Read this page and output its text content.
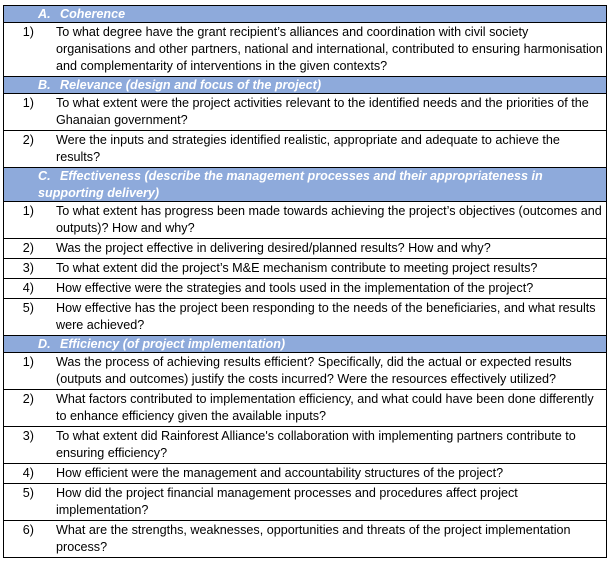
A. Coherence

1)	To what degree have the grant recipient’s alliances and coordination with civil society organisations and other partners, national and international, contributed to ensuring harmonisation and complementarity of interventions in the given contexts?

B. Relevance (design and focus of the project)

1)	To what extent were the project activities relevant to the identified needs and the priorities of the Ghanaian government?

2)	Were the inputs and strategies identified realistic, appropriate and adequate to achieve the results?

C. Effectiveness (describe the management processes and their appropriateness in supporting delivery)

1)	To what extent has progress been made towards achieving the project’s objectives (outcomes and outputs)? How and why?

2)	Was the project effective in delivering desired/planned results? How and why?

3)	To what extent did the project’s M&E mechanism contribute to meeting project results?

4)	How effective were the strategies and tools used in the implementation of the project?

5)	How effective has the project been responding to the needs of the beneficiaries, and what results were achieved?

D. Efficiency (of project implementation)

1)	Was the process of achieving results efficient? Specifically, did the actual or expected results (outputs and outcomes) justify the costs incurred? Were the resources effectively utilized?

2)	What factors contributed to implementation efficiency, and what could have been done differently to enhance efficiency given the available inputs?

3)	To what extent did Rainforest Alliance's collaboration with implementing partners contribute to ensuring efficiency?

4)	How efficient were the management and accountability structures of the project?

5)	How did the project financial management processes and procedures affect project implementation?

6)	What are the strengths, weaknesses, opportunities and threats of the project implementation process?
